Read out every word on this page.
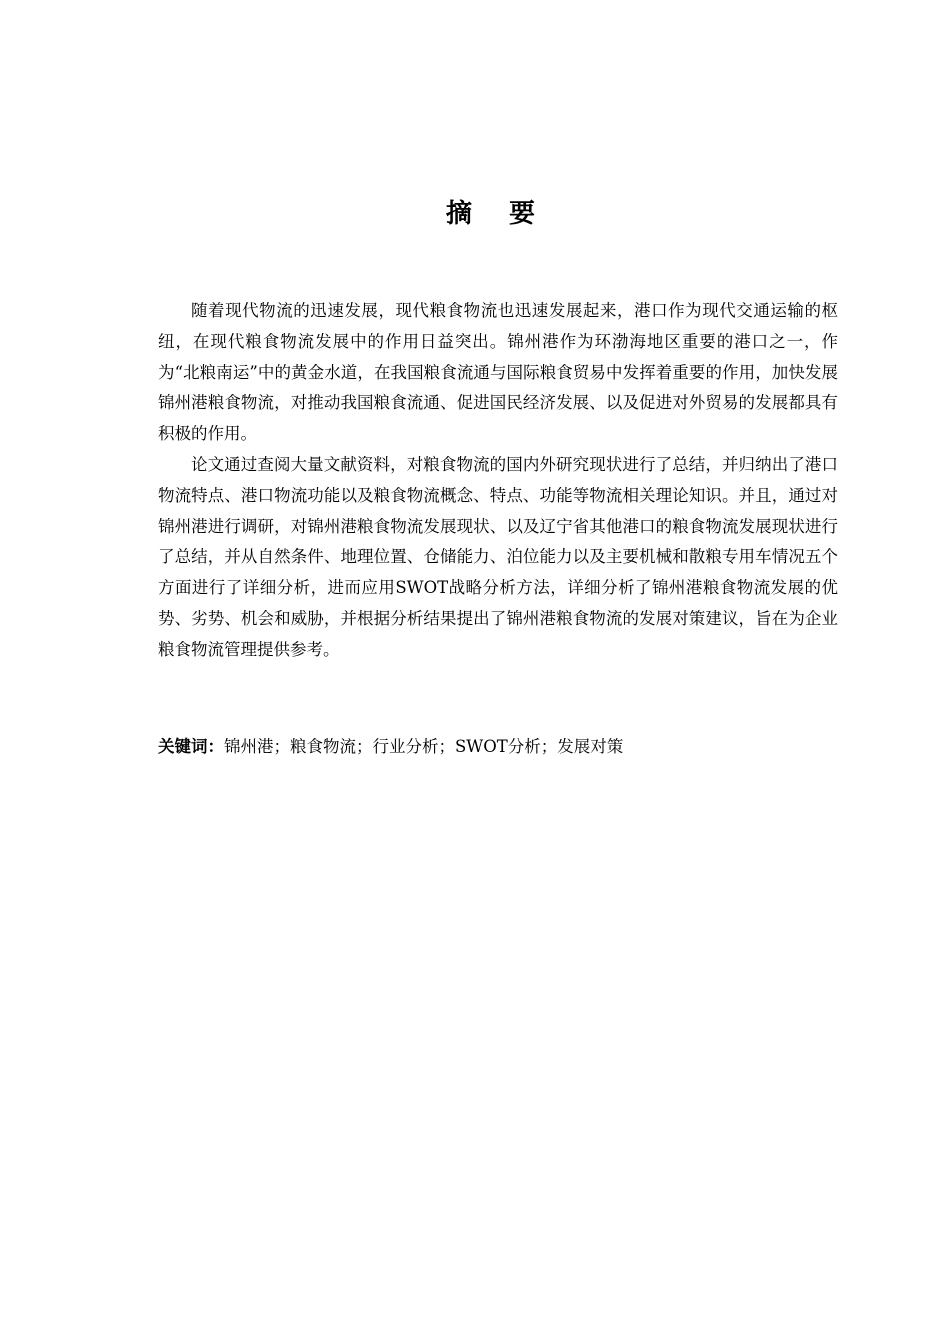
摘 要

随着现代物流的迅速发展，现代粮食物流也迅速发展起来，港口作为现代交通运输的枢纽，在现代粮食物流发展中的作用日益突出。锦州港作为环渤海地区重要的港口之一，作为“北粮南运”中的黄金水道，在我国粮食流通与国际粮食贸易中发挥着重要的作用，加快发展锦州港粮食物流，对推动我国粮食流通、促进国民经济发展、以及促进对外贸易的发展都具有积极的作用。

论文通过查阅大量文献资料，对粮食物流的国内外研究现状进行了总结，并归纳出了港口物流特点、港口物流功能以及粮食物流概念、特点、功能等物流相关理论知识。并且，通过对锦州港进行调研，对锦州港粮食物流发展现状、以及辽宁省其他港口的粮食物流发展现状进行了总结，并从自然条件、地理位置、仓储能力、泊位能力以及主要机械和散粮专用车情况五个方面进行了详细分析，进而应用SWOT战略分析方法，详细分析了锦州港粮食物流发展的优势、劣势、机会和威胁，并根据分析结果提出了锦州港粮食物流的发展对策建议，旨在为企业粮食物流管理提供参考。

关键词：锦州港；粮食物流；行业分析；SWOT分析；发展对策
